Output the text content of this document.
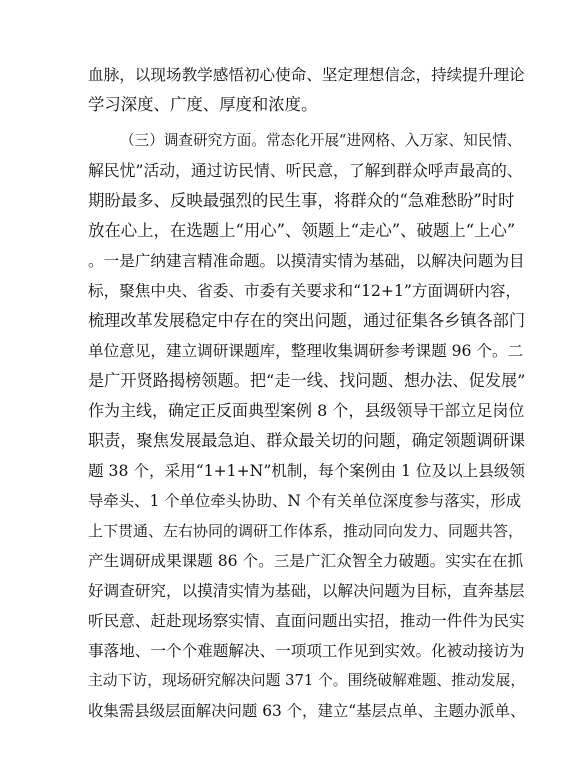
血脉，以现场教学感悟初心使命、坚定理想信念，持续提升理论
学习深度、广度、厚度和浓度。
（三）调查研究方面。常态化开展“进网格、入万家、知民情、
解民忧”活动，通过访民情、听民意，了解到群众呼声最高的、
期盼最多、反映最强烈的民生事，将群众的“急难愁盼”时时
放在心上，在选题上“用心”、领题上“走心”、破题上“上心”
。一是广纳建言精准命题。以摸清实情为基础，以解决问题为目
标，聚焦中央、省委、市委有关要求和“12+1”方面调研内容，
梳理改革发展稳定中存在的突出问题，通过征集各乡镇各部门
单位意见，建立调研课题库，整理收集调研参考课题 96 个。二
是广开贤路揭榜领题。把“走一线、找问题、想办法、促发展”
作为主线，确定正反面典型案例 8 个，县级领导干部立足岗位
职责，聚焦发展最急迫、群众最关切的问题，确定领题调研课
题 38 个，采用“1+1+N”机制，每个案例由 1 位及以上县级领
导牵头、1 个单位牵头协助、N 个有关单位深度参与落实，形成
上下贯通、左右协同的调研工作体系，推动同向发力、同题共答，
产生调研成果课题 86 个。三是广汇众智全力破题。实实在在抓
好调查研究，以摸清实情为基础，以解决问题为目标，直奔基层
听民意、赶赴现场察实情、直面问题出实招，推动一件件为民实
事落地、一个个难题解决、一项项工作见到实效。化被动接访为
主动下访，现场研究解决问题 371 个。围绕破解难题、推动发展，
收集需县级层面解决问题 63 个，建立“基层点单、主题办派单、
